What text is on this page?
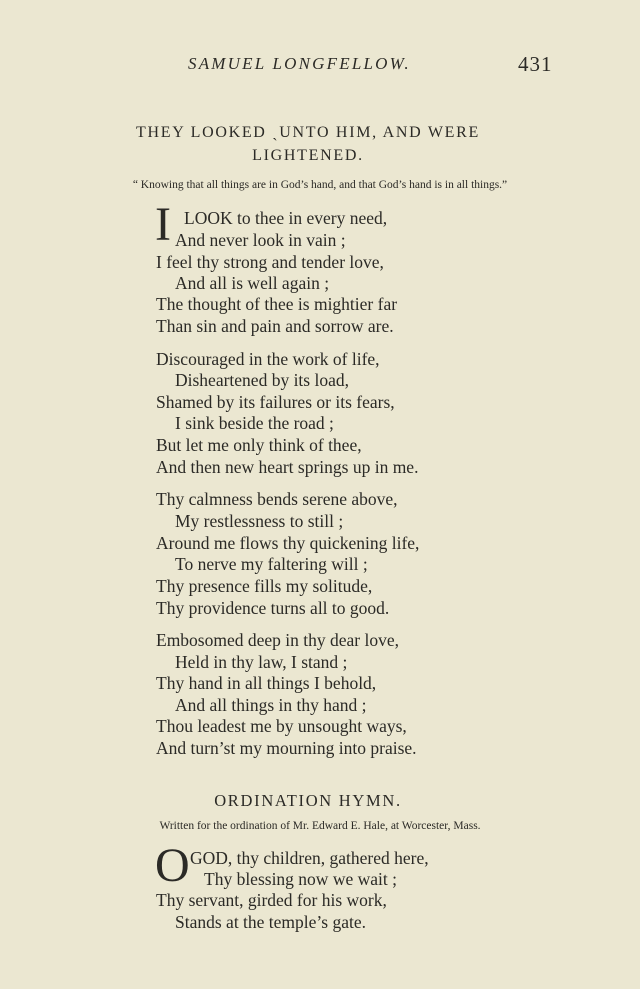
SAMUEL LONGFELLOW.	431
THEY LOOKED ˏUNTO HIM, AND WERE
LIGHTENED.
“ Knowing that all things are in God’s hand, and that God’s hand is in all things.”
I LOOK to thee in every need,
And never look in vain ;
I feel thy strong and tender love,
And all is well again ;
The thought of thee is mightier far
Than sin and pain and sorrow are.
Discouraged in the work of life,
Disheartened by its load,
Shamed by its failures or its fears,
I sink beside the road ;
But let me only think of thee,
And then new heart springs up in me.
Thy calmness bends serene above,
My restlessness to still ;
Around me flows thy quickening life,
To nerve my faltering will ;
Thy presence fills my solitude,
Thy providence turns all to good.
Embosomed deep in thy dear love,
Held in thy law, I stand ;
Thy hand in all things I behold,
And all things in thy hand ;
Thou leadest me by unsought ways,
And turn’st my mourning into praise.
ORDINATION HYMN.
Written for the ordination of Mr. Edward E. Hale, at Worcester, Mass.
O GOD, thy children, gathered here,
Thy blessing now we wait ;
Thy servant, girded for his work,
Stands at the temple’s gate.
